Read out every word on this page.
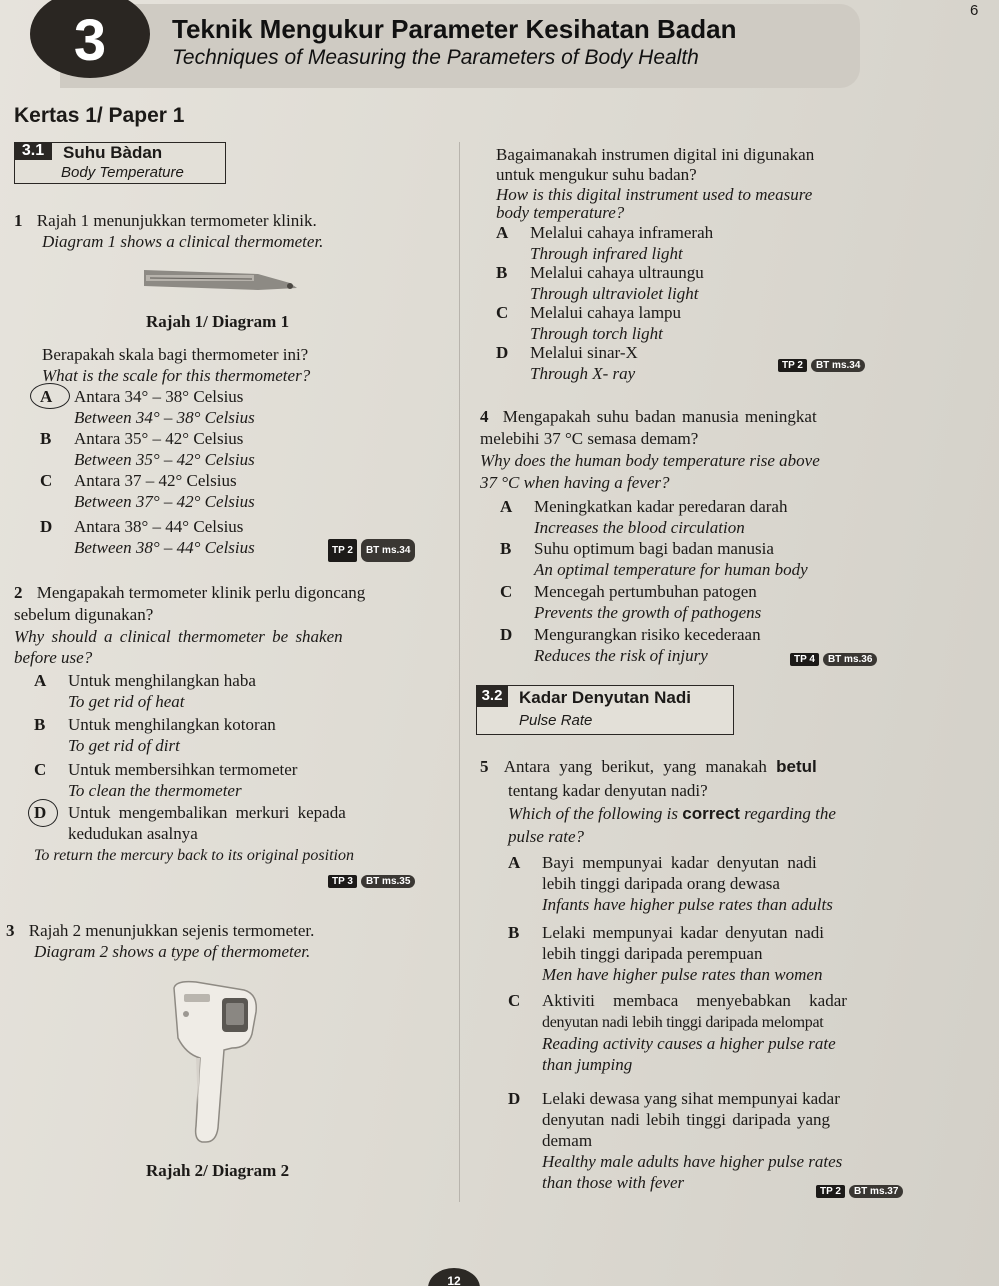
3	Teknik Mengukur Parameter Kesihatan Badan
Techniques of Measuring the Parameters of Body Health
6
Kertas 1/ Paper 1
3.1	Suhu Bàdan
Body Temperature
1 Rajah 1 menunjukkan termometer klinik.
Diagram 1 shows a clinical thermometer.
Rajah 1/ Diagram 1
Berapakah skala bagi thermometer ini?
What is the scale for this thermometer?
A Antara 34° – 38° Celsius
Between 34° – 38° Celsius
B Antara 35° – 42° Celsius
Between 35° – 42° Celsius
C Antara 37 – 42° Celsius
Between 37° – 42° Celsius
D Antara 38° – 44° Celsius
Between 38° – 44° Celsius	TP 2 BT ms.34
2 Mengapakah termometer klinik perlu digoncang
sebelum digunakan?
Why should a clinical thermometer be shaken
before use?
A Untuk menghilangkan haba
To get rid of heat
B Untuk menghilangkan kotoran
To get rid of dirt
C Untuk membersihkan termometer
To clean the thermometer
D Untuk mengembalikan merkuri kepada
kedudukan asalnya
To return the mercury back to its original position
TP 3 BT ms.35
3 Rajah 2 menunjukkan sejenis termometer.
Diagram 2 shows a type of thermometer.
Rajah 2/ Diagram 2
Bagaimanakah instrumen digital ini digunakan
untuk mengukur suhu badan?
How is this digital instrument used to measure
body temperature?
A Melalui cahaya inframerah
Through infrared light
B Melalui cahaya ultraungu
Through ultraviolet light
C Melalui cahaya lampu
Through torch light
D Melalui sinar-X
Through X- ray	TP 2 BT ms.34
4 Mengapakah suhu badan manusia meningkat
melebihi 37 °C semasa demam?
Why does the human body temperature rise above
37 °C when having a fever?
A Meningkatkan kadar peredaran darah
Increases the blood circulation
B Suhu optimum bagi badan manusia
An optimal temperature for human body
C Mencegah pertumbuhan patogen
Prevents the growth of pathogens
D Mengurangkan risiko kecederaan
Reduces the risk of injury	TP 4 BT ms.36
3.2 Kadar Denyutan Nadi
Pulse Rate
5 Antara yang berikut, yang manakah betul
tentang kadar denyutan nadi?
Which of the following is correct regarding the
pulse rate?
A Bayi mempunyai kadar denyutan nadi
lebih tinggi daripada orang dewasa
Infants have higher pulse rates than adults
B Lelaki mempunyai kadar denyutan nadi
lebih tinggi daripada perempuan
Men have higher pulse rates than women
C Aktiviti membaca menyebabkan kadar
denyutan nadi lebih tinggi daripada melompat
Reading activity causes a higher pulse rate
than jumping
D Lelaki dewasa yang sihat mempunyai kadar
denyutan nadi lebih tinggi daripada yang
demam
Healthy male adults have higher pulse rates
than those with fever	TP 2 BT ms.37
12
